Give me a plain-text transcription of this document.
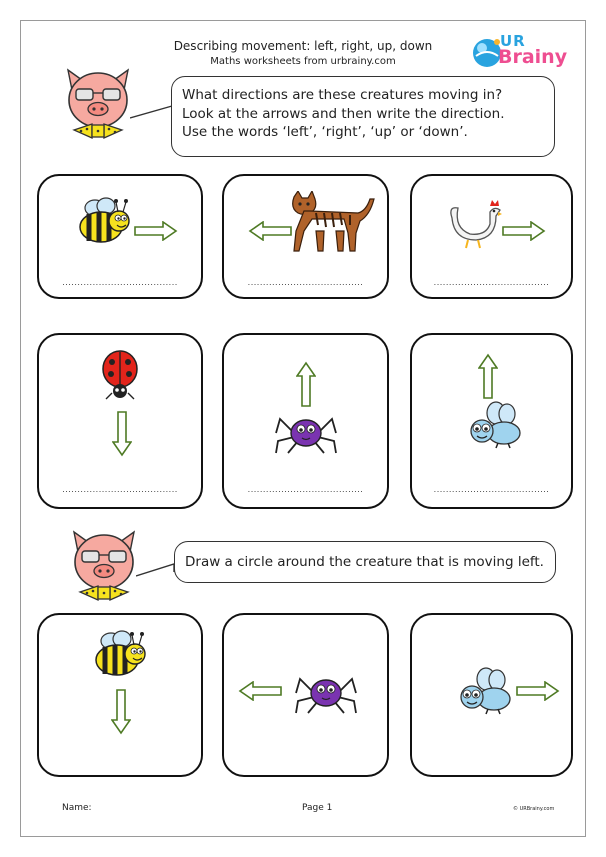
Describing movement: left, right, up, down
Maths worksheets from urbrainy.com
UR
Brainy
What directions are these creatures moving in?
Look at the arrows and then write the direction.
Use the words ‘left’, ‘right’, ‘up’ or ‘down’.
......................................	......................................	......................................
......................................	......................................	......................................
Draw a circle around the creature that is moving left.
Name:	Page 1	© URBrainy.com
